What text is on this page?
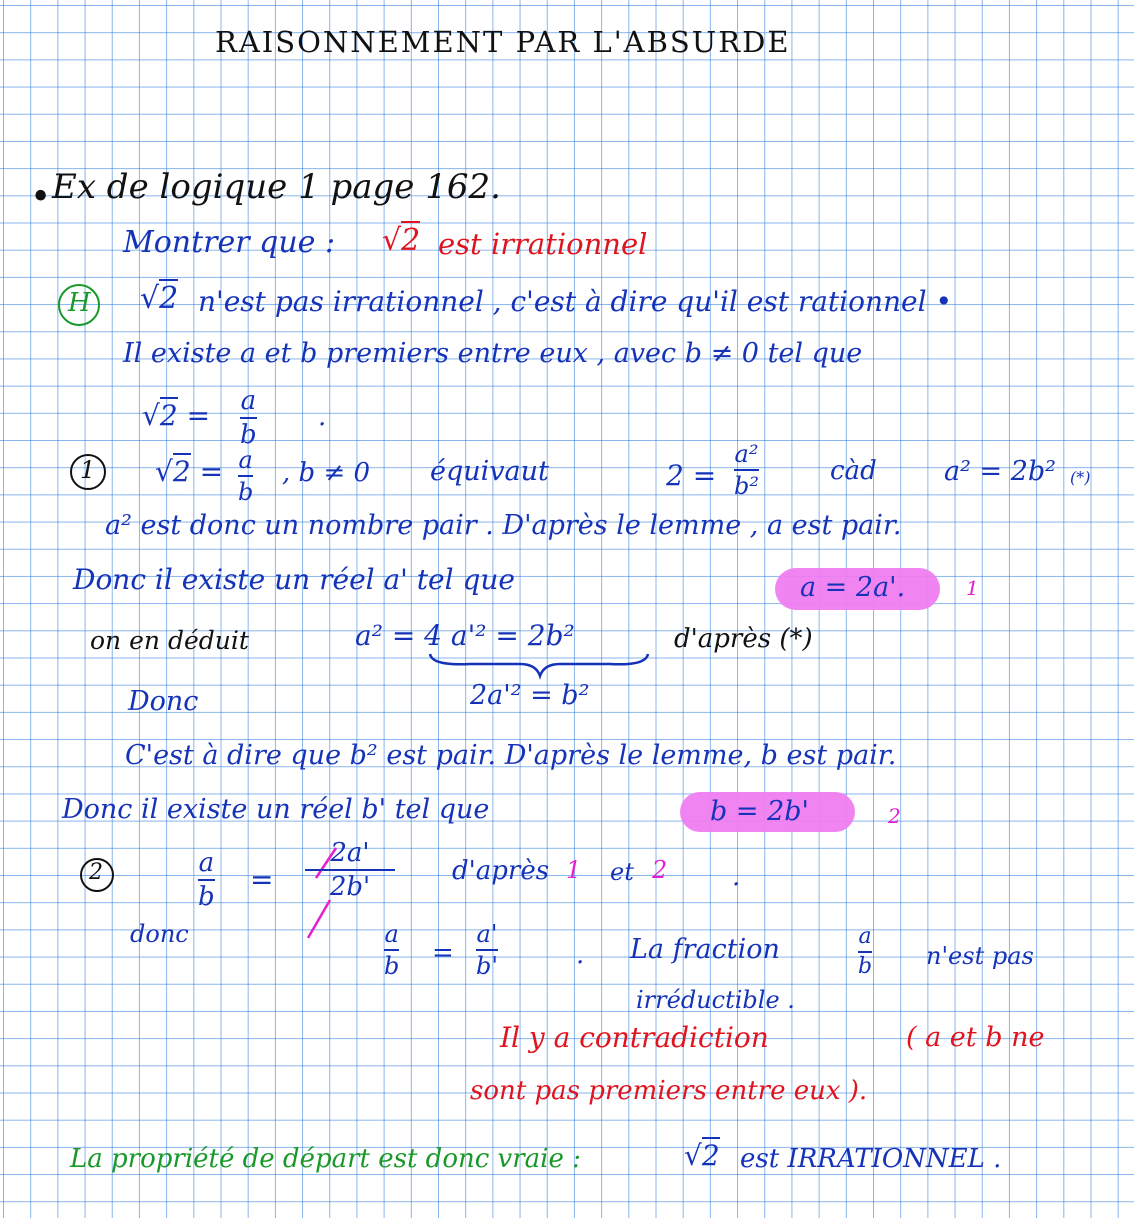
RAISONNEMENT PAR L'ABSURDE
• Ex de logique 1 page 162.
Montrer que : √2 est irrationnel
H √2 n'est pas irrationnel , c'est à dire qu'il est rationnel •
Il existe a et b premiers entre eux , avec b ≠ 0 tel que
√2 = a
b
.
1 √2 = a
b
, b ≠ 0 équivaut	2 =
a²
b²	càd a² = 2b² (*)
a² est donc un nombre pair . D'après le lemme , a est pair.
Donc il existe un réel a' tel que	a = 2a'.	1
on en déduit	a² = 4 a'² = 2b²	d'après (*)
2a'² = b²
Donc
C'est à dire que b² est pair. D'après le lemme, b est pair.
Donc il existe un réel b' tel que	b = 2b'	2
2	a
b
=
2a'
2b'
d'après 1 et 2 .
donc	a
b =
a'
b'	. La fraction	a
b n'est pas
irréductible .
Il y a contradiction	( a et b ne
sont pas premiers entre eux ).
La propriété de départ est donc vraie :	√2 est IRRATIONNEL .
